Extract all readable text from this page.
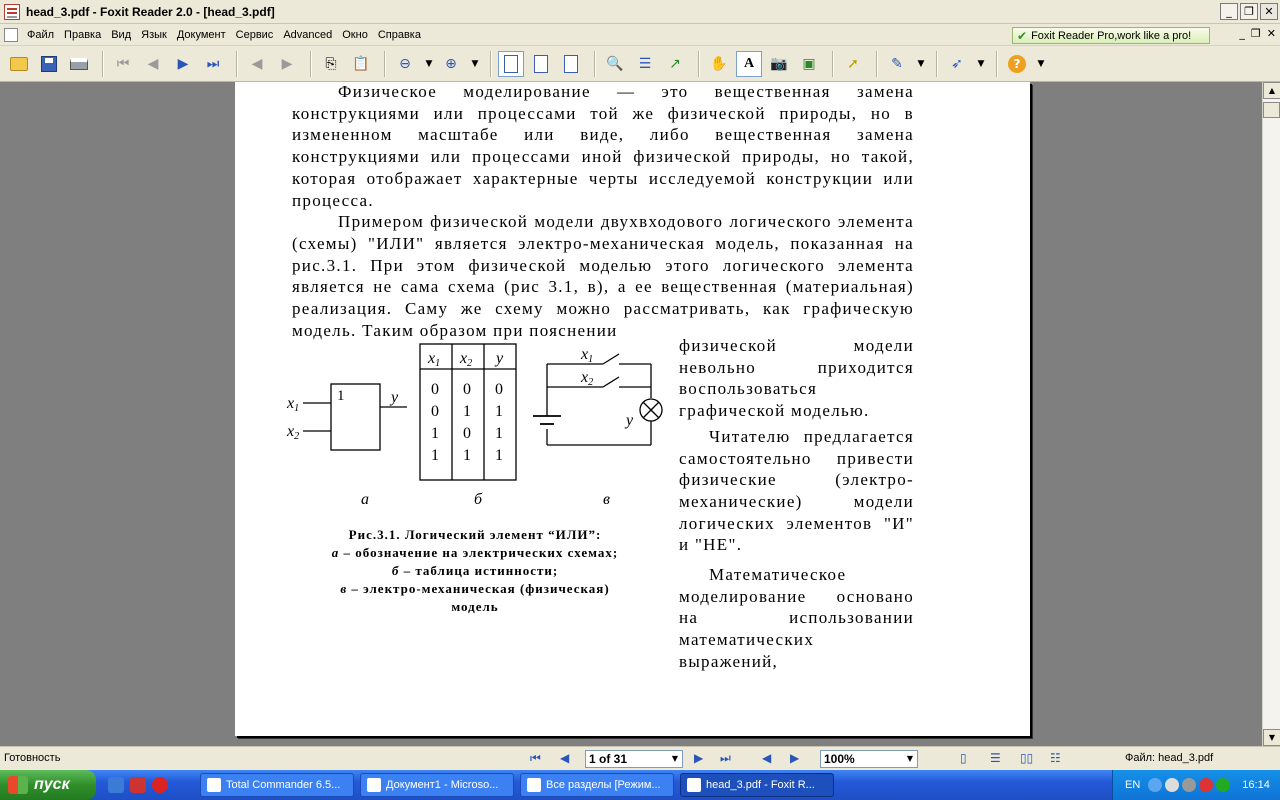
head_3.pdf - Foxit Reader 2.0 - [head_3.pdf]	_	❐ ✕
Файл Правка Вид Язык Документ Сервис Advanced Окно Справка	✔ Foxit Reader Pro,work like a pro!	_ ❐ ✕
⏮	◀	▶	⏭	◀	▶	⎘	📋	⊖	▼ ⊕	▼	🔍	☰	↗	✋	A	📷	▣	➚	✎	▼	➶	▼	?	▼

Физическое моделирование — это вещественная замена конструкциями или процессами той же физической природы, но в измененном масштабе или виде, либо вещественная замена конструкциями или процессами иной физической природы, но такой, которая отображает характерные черты исследуемой конструкции или процесса.

Примером физической модели двухвходового логического элемента (схемы) "ИЛИ" является электро-механическая модель, показанная на рис.3.1. При этом физической моделью этого логического элемента является не сама схема (рис 3.1, в), а ее вещественная (материальная) реализация. Саму же схему можно рассматривать, как графическую модель. Таким образом при пояснении

1
x1
x2
y
x1 x2 y
0 0 0
0 1 1
1 0 1
1 1 1
x1
x2
y
а	б	в
Рис.3.1. Логический элемент “ИЛИ”:
а – обозначение на электрических схемах;
б – таблица истинности;
в – электро-механическая (физическая)
модель

физической модели невольно приходится воспользоваться графической моделью.

Читателю предлагается самостоятельно привести физические (электро-механические) модели логических элементов "И" и "НЕ".

Математическое моделирование основано на использовании математических выражений,

▲
▼
Готовность	⏮ ◀	1 of 31	▼	▶ ⏭	◀ ▶	100%	▼	▯ ☰ ▯▯ ☷	Файл: head_3.pdf
пуск	Total Commander 6.5...	Документ1 - Microso...	Все разделы [Режим...	head_3.pdf - Foxit R...	EN	16:14
